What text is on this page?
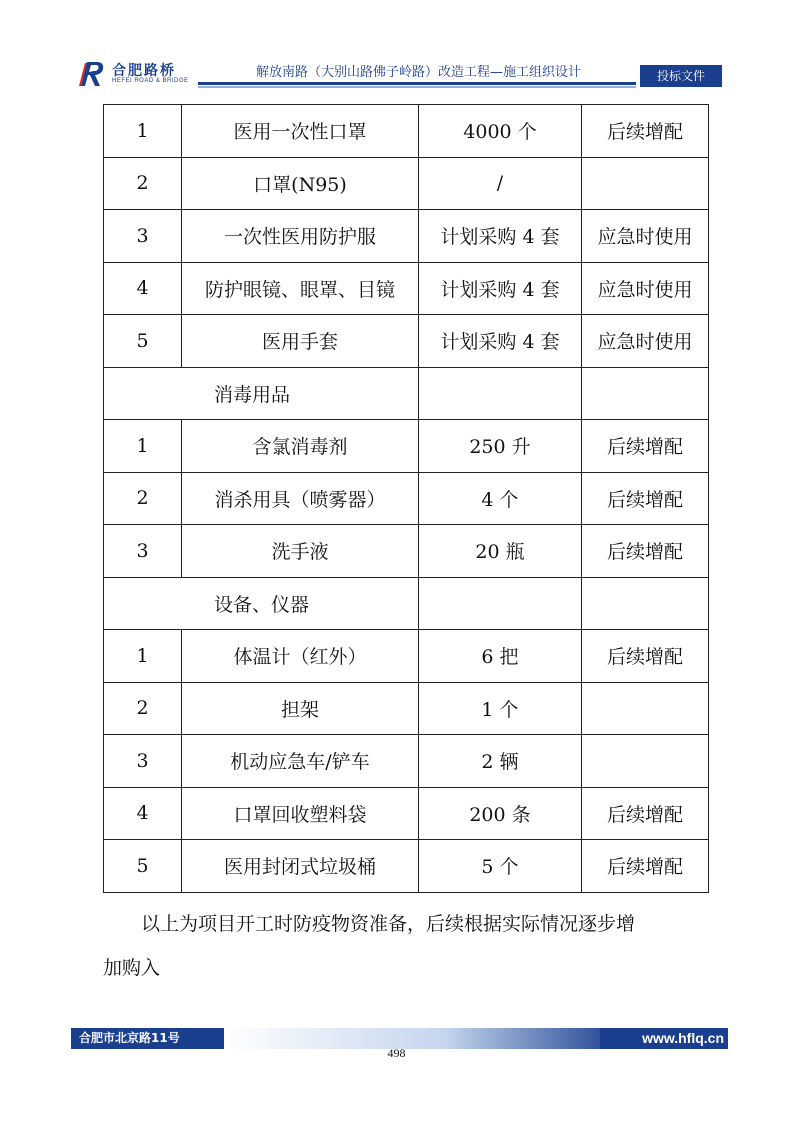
合肥路桥
HEFEI ROAD & BRIDGE
解放南路（大别山路佛子岭路）改造工程—施工组织设计	投标文件
1	医用一次性口罩	4000 个	后续增配
2	口罩(N95)	/	
3	一次性医用防护服	计划采购 4 套	应急时使用
4	防护眼镜、眼罩、目镜	计划采购 4 套	应急时使用
5	医用手套	计划采购 4 套	应急时使用
消毒用品			
1	含氯消毒剂	250 升	后续增配
2	消杀用具（喷雾器）	4 个	后续增配
3	洗手液	20 瓶	后续增配
设备、仪器			
1	体温计（红外）	6 把	后续增配
2	担架	1 个	
3	机动应急车/铲车	2 辆	
4	口罩回收塑料袋	200 条	后续增配
5	医用封闭式垃圾桶	5 个	后续增配
以上为项目开工时防疫物资准备，后续根据实际情况逐步增
加购入
合肥市北京路11号	www.hflq.cn
498
